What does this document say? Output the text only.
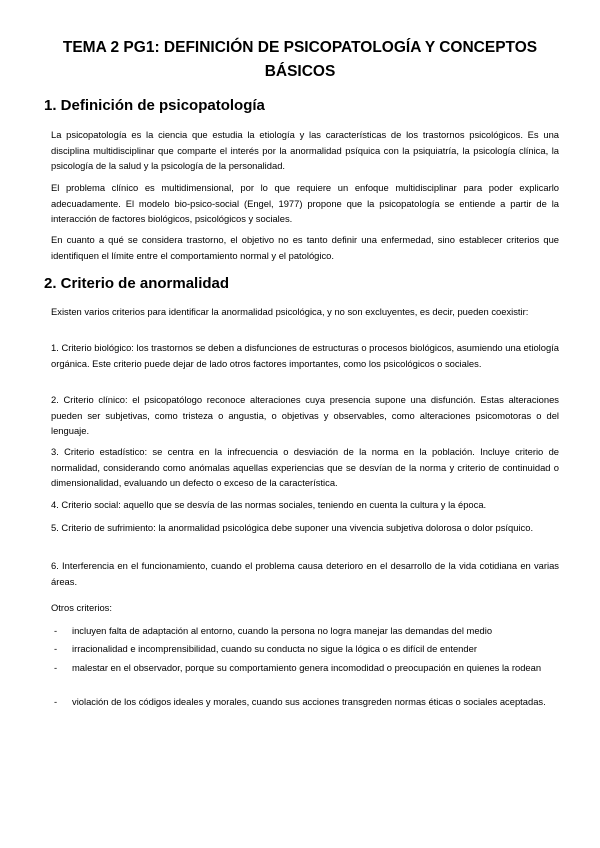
TEMA 2 PG1: DEFINICIÓN DE PSICOPATOLOGÍA Y CONCEPTOS BÁSICOS
1. Definición de psicopatología

La psicopatología es la ciencia que estudia la etiología y las características de los trastornos psicológicos. Es una disciplina multidisciplinar que comparte el interés por la anormalidad psíquica con la psiquiatría, la psicología clínica, la psicología de la salud y la psicología de la personalidad.

El problema clínico es multidimensional, por lo que requiere un enfoque multidisciplinar para poder explicarlo adecuadamente. El modelo bio-psico-social (Engel, 1977) propone que la psicopatología se entiende a partir de la interacción de factores biológicos, psicológicos y sociales.

En cuanto a qué se considera trastorno, el objetivo no es tanto definir una enfermedad, sino establecer criterios que identifiquen el límite entre el comportamiento normal y el patológico.

2. Criterio de anormalidad

Existen varios criterios para identificar la anormalidad psicológica, y no son excluyentes, es decir, pueden coexistir:

1. Criterio biológico: los trastornos se deben a disfunciones de estructuras o procesos biológicos, asumiendo una etiología orgánica. Este criterio puede dejar de lado otros factores importantes, como los psicológicos o sociales.

2. Criterio clínico: el psicopatólogo reconoce alteraciones cuya presencia supone una disfunción. Estas alteraciones pueden ser subjetivas, como tristeza o angustia, o objetivas y observables, como alteraciones psicomotoras o del lenguaje.

3. Criterio estadístico: se centra en la infrecuencia o desviación de la norma en la población. Incluye criterio de normalidad, considerando como anómalas aquellas experiencias que se desvían de la norma y criterio de continuidad o dimensionalidad, evaluando un defecto o exceso de la característica.

4. Criterio social: aquello que se desvía de las normas sociales, teniendo en cuenta la cultura y la época.

5. Criterio de sufrimiento: la anormalidad psicológica debe suponer una vivencia subjetiva dolorosa o dolor psíquico.

6. Interferencia en el funcionamiento, cuando el problema causa deterioro en el desarrollo de la vida cotidiana en varias áreas.

Otros criterios:

- incluyen falta de adaptación al entorno, cuando la persona no logra manejar las demandas del medio
- irracionalidad e incomprensibilidad, cuando su conducta no sigue la lógica o es difícil de entender
- malestar en el observador, porque su comportamiento genera incomodidad o preocupación en quienes la rodean
- violación de los códigos ideales y morales, cuando sus acciones transgreden normas éticas o sociales aceptadas.
